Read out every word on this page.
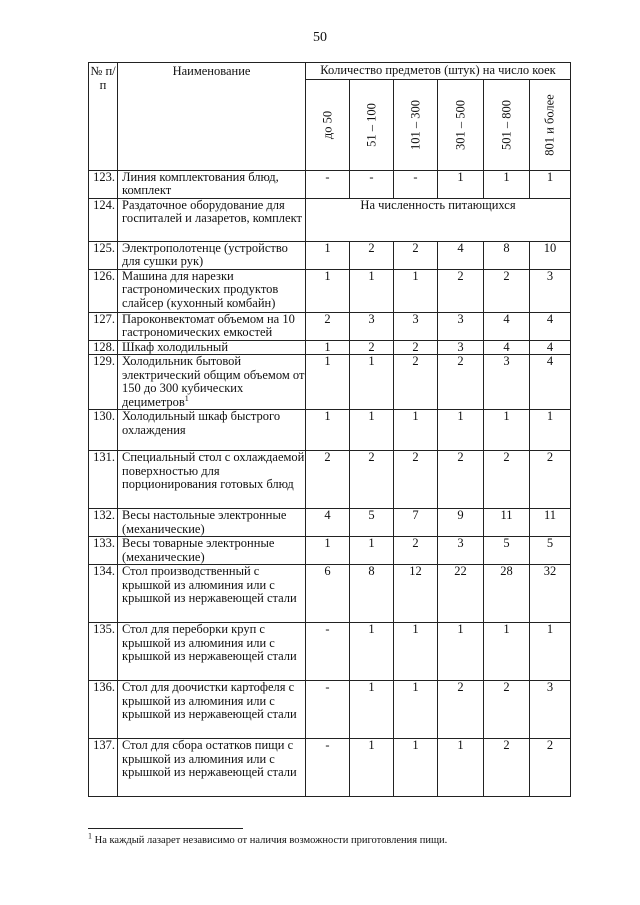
50
№ п/п	Наименование	Количество предметов (штук) на число коек					

		до 50	51 – 100	101 – 300	301 – 500	501 – 800	801 и более

123.	Линия комплектования блюд, комплект	-	-	-	1	1	1
124.	Раздаточное оборудование для госпиталей и лазаретов, комплект	На численность питающихся					
125.	Электрополотенце (устройство для сушки рук)	1	2	2	4	8	10
126.	Машина для нарезки гастрономических продуктов слайсер (кухонный комбайн)	1	1	1	2	2	3
127.	Пароконвектомат объемом на 10 гастрономических емкостей	2	3	3	3	4	4
128.	Шкаф холодильный	1	2	2	3	4	4
129.	Холодильник бытовой электрический общим объемом от 150 до 300 кубических дециметров$^1$	1	1	2	2	3	4
130.	Холодильный шкаф быстрого охлаждения	1	1	1	1	1	1
131.	Специальный стол с охлаждаемой поверхностью для порционирования готовых блюд	2	2	2	2	2	2
132.	Весы настольные электронные (механические)	4	5	7	9	11	11
133.	Весы товарные электронные (механические)	1	1	2	3	5	5
134.	Стол производственный с крышкой из алюминия или с крышкой из нержавеющей стали	6	8	12	22	28	32
135.	Стол для переборки круп с крышкой из алюминия или с крышкой из нержавеющей стали	-	1	1	1	1	1
136.	Стол для доочистки картофеля с крышкой из алюминия или с крышкой из нержавеющей стали	-	1	1	2	2	3
137.	Стол для сбора остатков пищи с крышкой из алюминия или с крышкой из нержавеющей стали	-	1	1	1	2	2
$^1$ На каждый лазарет независимо от наличия возможности приготовления пищи.
